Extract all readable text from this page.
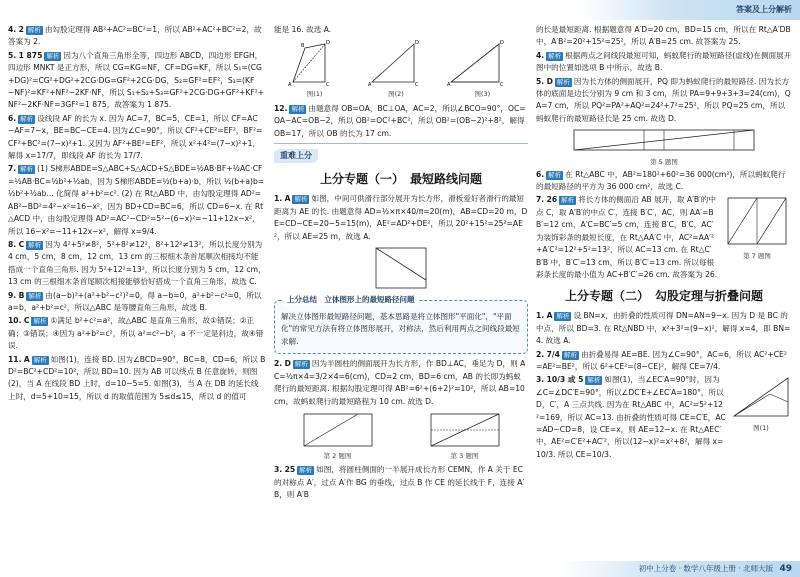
答案及上分解析
4. 2 解析 由勾股定理得 AB²+AC²=BC²=1，所以 AB²+AC²+BC²=2，故答案为 2.
5. 1 875 解析 因为八个直角三角形全等，四边形 ABCD，四边形 EFGH，四边形 MNKT 是正方形，所以 CG=KG=NF，CF=DG=KF，所以 S₁=(CG+DG)²=CG²+DG²+2CG·DG=GF²+2CG·DG，S₂=GF²=EF²，S₃=(KF−NF)²=KF²+NF²−2KF·NF，所以 S₁+S₂+S₃=GF²+2CG·DG+GF²+KF²+NF²−2KF·NF=3GF²=1 875，故答案为 1 875.
6. 解析 设线段 AF 的长为 x. 因为 AC=7，BC=5，CE=1，所以 CF=AC−AF=7−x，BE=BC−CE=4. 因为∠C=90°，所以 CF²+CE²=EF²，BF²=CF²+BC²=(7−x)²+1. 又因为 AF²+BE²=EF²，所以 x²+4²=(7−x)²+1，解得 x=17/7，即线段 AF 的长为 17/7.
7. 解析 (1) S梯形ABDE=S△ABC+S△ACD+S△BDE=½AB·BF+½AC·CF=½AB·BC=½b²+½ab，因为 S梯形ABDE=½(b+a)·b，所以 ½(b+a)b=½b²+½ab... 化简得 a²+b²=c². (2) 在 Rt△ABD 中，由勾股定理得 AD²=AB²−BD²=4²−x²=16−x²，因为 BD+CD=BC=6，所以 CD=6−x. 在 Rt△ACD 中，由勾股定理得 AD²=AC²−CD²=5²−(6−x)²=−11+12x−x²，所以 16−x²=−11+12x−x²，解得 x=9/4.
8. C 解析 因为 4²+5²≠8²，5²+8²≠12²，8²+12²≠13²，所以长度分别为 4 cm，5 cm，8 cm，12 cm，13 cm 的三根细木条首尾顺次相接均不能搭成一个直角三角形. 因为 5²+12²=13²，所以长度分别为 5 cm，12 cm，13 cm 的三根细木条首尾顺次相接能够恰好搭成一个直角三角形，故选 C.
9. B 解析 由(a−b)²+(a²+b²−c²)²=0，得 a−b=0，a²+b²−c²=0，所以 a=b，a²+b²=c²，所以△ABC 是等腰直角三角形，故选 B.
10. C 解析 ①满足 b²+c²=a²，故△ABC 是直角三角形，故①错误；②正确；③错误；④因为 a²+b²=c²，所以 a²=c²−b²，a 不一定是斜边，故④错误.
11. A 解析 如图(1)，连接 BD. 因为∠BCD=90°，BC=8，CD=6，所以 BD²=BC²+CD²=10²，所以 BD=10. 因为 AB 可以绕点 B 任意旋转，则图(2)，当 A 在线段 BD 上时，d=10−5=5. 如图(3)，当 A 在 DB 的延长线上时，d=5+10=15，所以 d 的取值范围为 5≤d≤15，所以 d 的值可
能是 16. 故选 A.
A	C
D
B
图(1)
A	C
D
图(2)
A	C
D
图(3)
12. 解析 由题意得 OB=OA，BC⊥OA，AC=2，所以∠BCO=90°，OC=OA−AC=OB−2，所以 OB²=OC²+BC²，所以 OB²=(OB−2)²+8²，解得 OB=17，所以 OB 的长为 17 cm.
重难上分
上分专题（一）　最短路线问题
1. A 解析 如图，中间可供滑行部分展开为长方形，滑板爱好者滑行的最短距离为 AE 的长. 由题意得 AD=½×π×40/π=20(m)，AB=CD=20 m，DE=CD−CE=20−5=15(m)，AE²=AD²+DE²，所以 20²+15²=25²=AE²，所以 AE=25 m，故选 A.
上分总结　立体图形上的最短路径问题
解决立体图形最短路径问题，基本思路是将立体图形"平面化"，"平面化"的常见方法有将立体图形展开，对称法，然后利用两点之间线段最短求解.
2. D 解析 因为半圆柱的侧面展开为长方形，作 BD⊥AC，垂足为 D，则 AC=½π×4=3/2×4=6(cm)，CD=2 cm，BD=6 cm，AB 的长即为蚂蚁爬行的最短距离. 根据勾股定理可得 AB²=6²+(6+2)²=10²，所以 AB=10 cm，故蚂蚁爬行的最短路程为 10 cm. 故选 D.
第 2 题图	第 3 题图
3. 25 解析 如图，将圆柱侧面的一半展开成长方形 CEMN，作 A 关于 EC 的对称点 A′，过点 A′作 BG 的垂线，过点 B 作 CE 的延长线于 F，连接 A′B，则 A′B
的长是最短距离. 根据题意得 A′D=20 cm，BD=15 cm，所以在 Rt△A′DB 中，A′B²=20²+15²=25²，所以 A′B=25 cm. 故答案为 25.
4. 解析 根据两点之间线段最短可知，蚂蚁爬行的最短路径(虚线)在侧面展开图中的位置如选项 B 中所示，故选 B.
5. D 解析 因为长方体的侧面展开，PQ 即为蚂蚁爬行的最短路径. 因为长方体的底面是边长分别为 9 cm 和 3 cm，所以 PA=9+9+3+3=24(cm)，QA=7 cm，所以 PQ²=PA²+AQ²=24²+7²=25²，所以 PQ=25 cm，所以蚂蚁爬行的最短路径长是 25 cm. 故选 D.
第 5 题图
6. 解析 在 Rt△ABC 中，AB²=180²+60²=36 000(cm²)，所以蚂蚁爬行的最短路径的平方为 36 000 cm²，故选 C.
7. 26 解析 将长方体的侧面沿 AB 展开，取 A′B′的中点 C，取 A′B′的中点 C′，连接 B′C′，AC，则 AA′=BB′=12 cm，A′C=BC′=5 cm，连接 B′C，B′C，AC′为装饰彩条的最短长度，在 Rt△AA′C 中，AC²=AA′²+A′C²=12²+5²=13²，所以 AC=13 cm. 在 Rt△C′B′B 中，B′C′=13 cm，所以 B′C′=13 cm. 所以每根彩条长度的最小值为 AC+B′C′=26 cm. 故答案为 26.
第 7 题图
上分专题（二）　勾股定理与折叠问题
1. A 解析 设 BN=x，由折叠的性质可得 DN=AN=9−x. 因为 D 是 BC 的中点，所以 BD=3. 在 Rt△NBD 中，x²+3²=(9−x)²，解得 x=4，即 BN=4. 故选 A.
2. 7/4 解析 由折叠易得 AE=BE. 因为∠C=90°，AC=6，所以 AC²+CE²=AE²=BE²，所以 6²+CE²=(8−CE)²，解得 CE=7/4.
3. 10/3 或 5 解析 如图(1)，当∠EC′A=90°时，因为∠C=∠DC′E=90°，所以∠DC′E+∠EC′A=180°，所以 D，C′，A 三点共线. 因为在 Rt△ABC 中，AC²=5²+12²=169，所以 AC=13. 由折叠的性质可得 CE=C′E，AC=AD−CD=8，设 CE=x，则 AE=12−x. 在 Rt△AEC′中，AE²=C′E²+AC′²，所以(12−x)²=x²+8²，解得 x=10/3. 所以 CE=10/3.
图(1)
初中上分卷 · 数学八年级上册 · 北师大版 49
